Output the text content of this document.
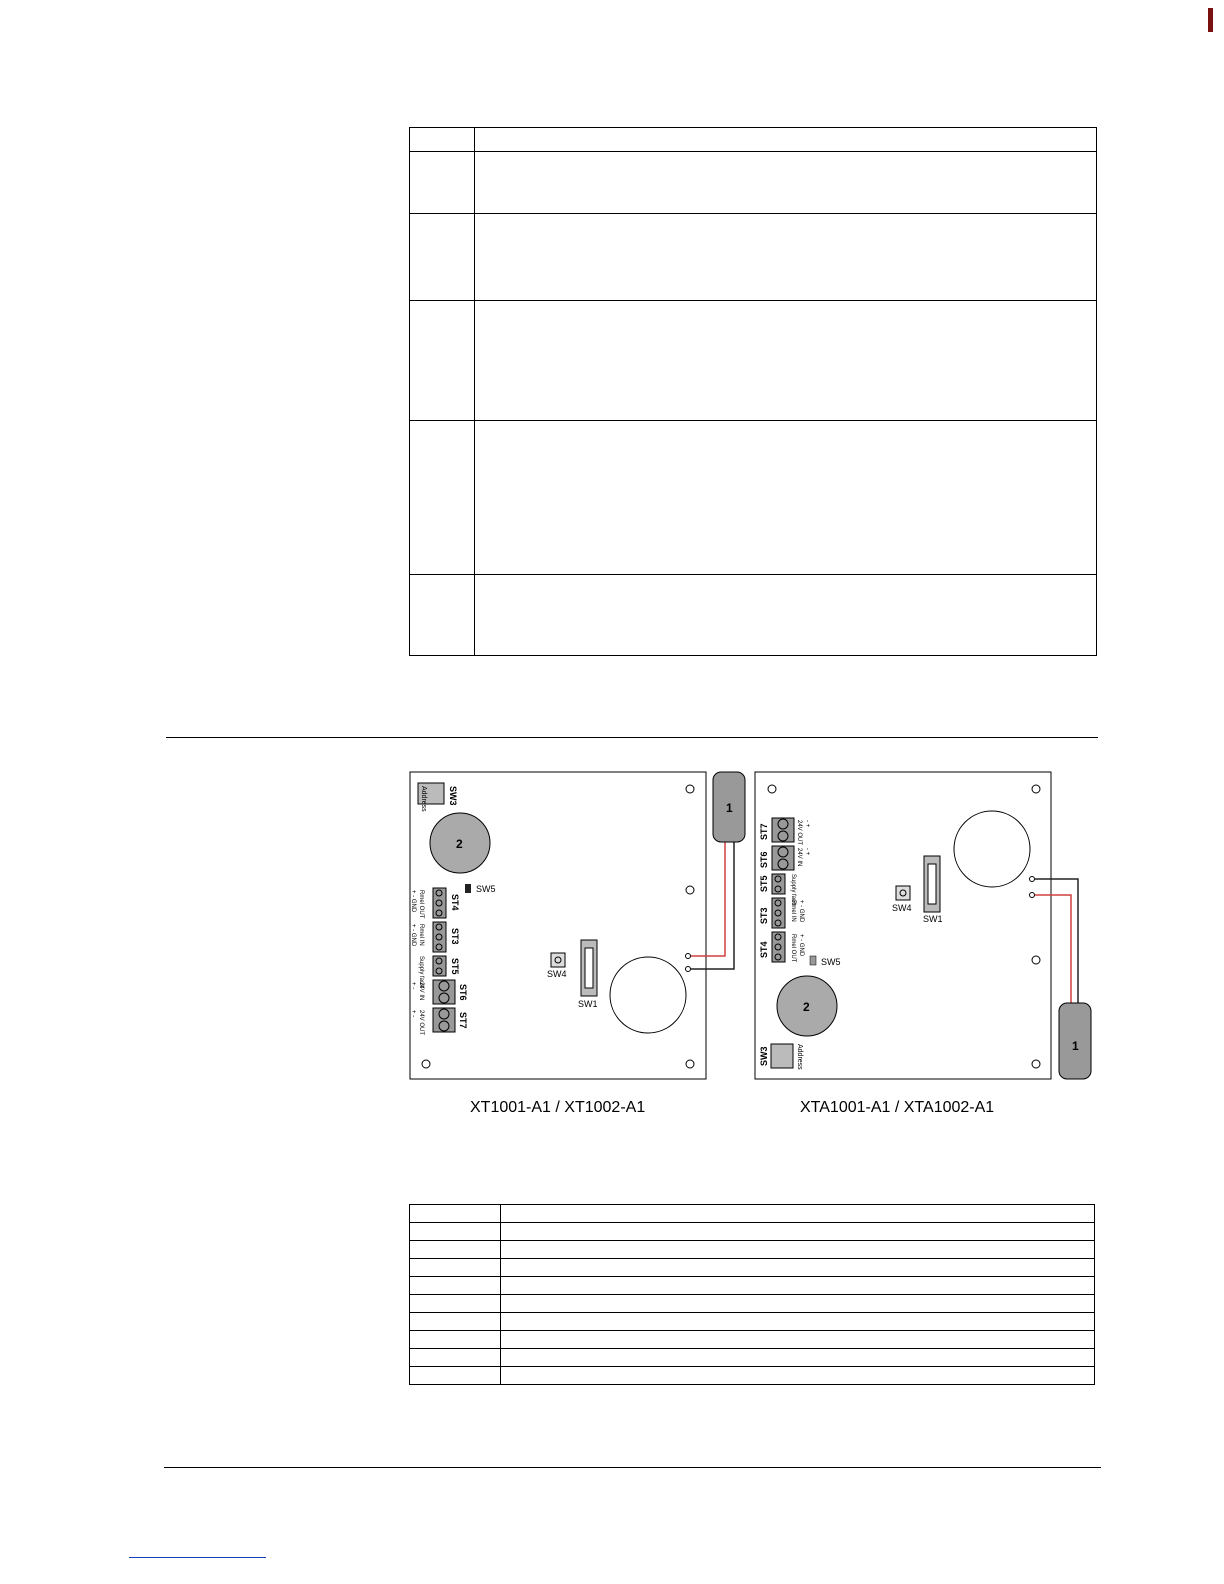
SW3
Address
2
SW5
ST4
ST3
ST5
ST6
ST7
Rmel OUT
Rmel IN
Supply fault
24V IN
24V OUT
+ - GND
+ - GND
+ -
+ -
SW4
SW1
1
ST7
ST6
ST5
ST3
ST4
24V OUT
24V IN
Supply fault
Rmel IN
Rmel OUT
- +
- +
+ - GND
+ - GND
SW5
2
SW3	Address
SW4
SW1
1
XT1001-A1 / XT1002-A1	XTA1001-A1 / XTA1002-A1
